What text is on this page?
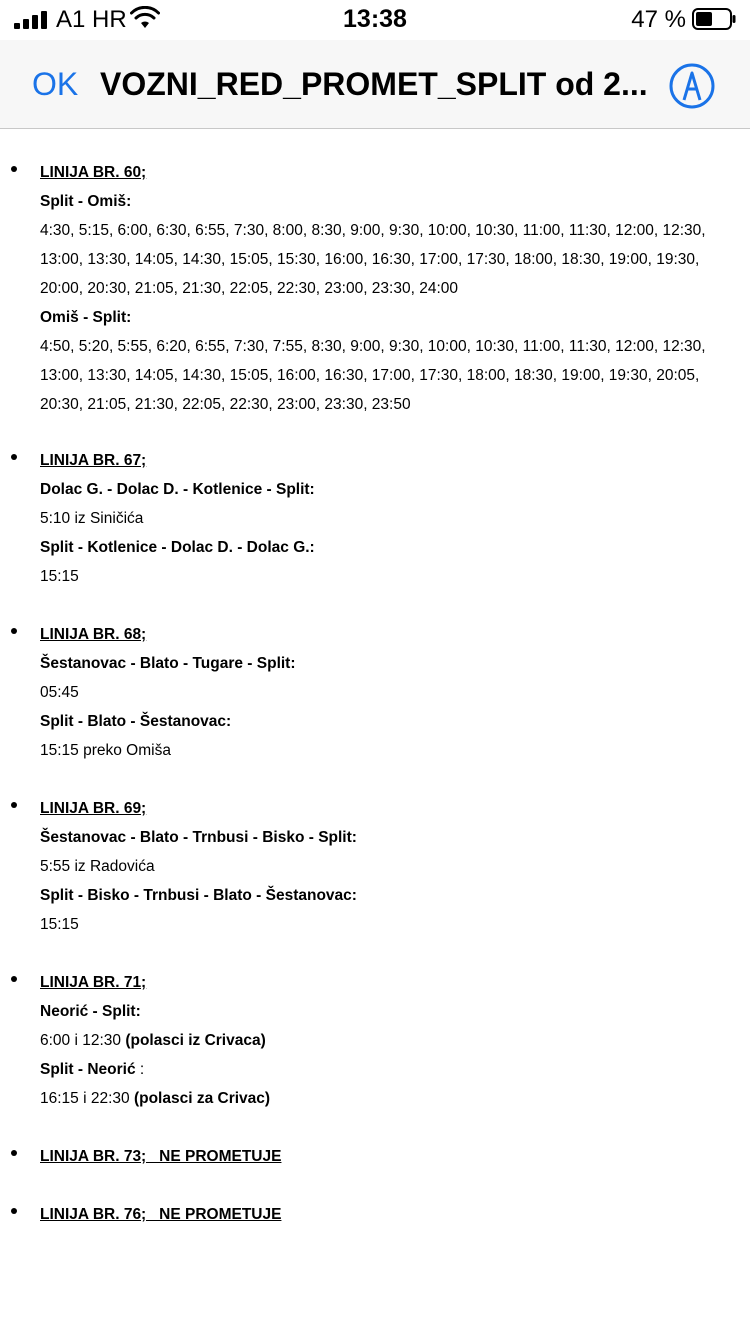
A1 HR	13:38	47 %
OK VOZNI_RED_PROMET_SPLIT od 2...
LINIJA BR. 60;
Split - Omiš:
4:30, 5:15, 6:00, 6:30, 6:55, 7:30, 8:00, 8:30, 9:00, 9:30, 10:00, 10:30, 11:00, 11:30, 12:00, 12:30, 13:00, 13:30, 14:05, 14:30, 15:05, 15:30, 16:00, 16:30, 17:00, 17:30, 18:00, 18:30, 19:00, 19:30, 20:00, 20:30, 21:05, 21:30, 22:05, 22:30, 23:00, 23:30, 24:00
Omiš - Split:
4:50, 5:20, 5:55, 6:20, 6:55, 7:30, 7:55, 8:30, 9:00, 9:30, 10:00, 10:30, 11:00, 11:30, 12:00, 12:30, 13:00, 13:30, 14:05, 14:30, 15:05, 16:00, 16:30, 17:00, 17:30, 18:00, 18:30, 19:00, 19:30, 20:05, 20:30, 21:05, 21:30, 22:05, 22:30, 23:00, 23:30, 23:50
LINIJA BR. 67;
Dolac G. - Dolac D. - Kotlenice - Split:
5:10 iz Siničića
Split - Kotlenice - Dolac D. - Dolac G.:
15:15
LINIJA BR. 68;
Šestanovac - Blato - Tugare - Split:
05:45
Split - Blato - Šestanovac:
15:15 preko Omiša
LINIJA BR. 69;
Šestanovac - Blato - Trnbusi - Bisko - Split:
5:55 iz Radovića
Split - Bisko - Trnbusi - Blato - Šestanovac:
15:15
LINIJA BR. 71;
Neorić - Split:
6:00 i 12:30 (polasci iz Crivaca)
Split - Neorić :
16:15 i 22:30 (polasci za Crivac)
LINIJA BR. 73;   NE PROMETUJE
LINIJA BR. 76;   NE PROMETUJE
